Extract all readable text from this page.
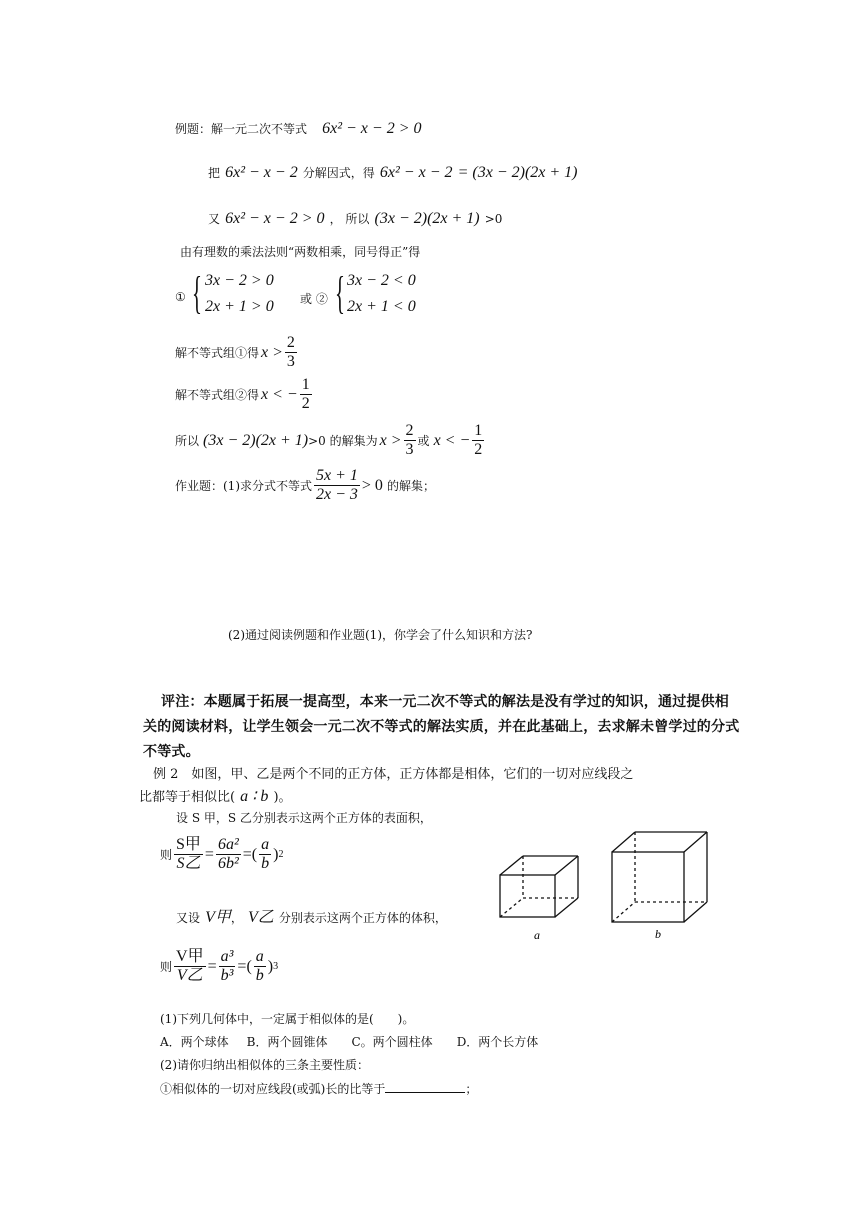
例题：解一元二次不等式 6x² − x − 2 > 0
把 6x² − x − 2 分解因式，得 6x² − x − 2 = (3x − 2)(2x + 1)
又 6x² − x − 2 > 0 ， 所以 (3x − 2)(2x + 1) >0
由有理数的乘法法则“两数相乘，同号得正”得
① { 3x − 2 > 0
2x + 1 > 0 或 ② { 3x − 2 < 0
2x + 1 < 0
解不等式组①得 $x > \frac{2}{3}$
解不等式组②得 x < − $\frac{1}{2}$
所以 (3x − 2)(2x + 1) >0 的解集为 $x > \frac{2}{3}$ 或 x < − $\frac{1}{2}$
作业题：(1)求分式不等式 $\frac{5x + 1}{2x - 3} > 0$ 的解集；
(2)通过阅读例题和作业题(1)，你学会了什么知识和方法?
评注：本题属于拓展一提高型，本来一元二次不等式的解法是没有学过的知识，通过提供相关的阅读材料，让学生领会一元二次不等式的解法实质，并在此基础上，去求解未曾学过的分式不等式。
例 2　如图，甲、乙是两个不同的正方体，正方体都是相体，它们的一切对应线段之
比都等于相似比( a ∶ b )。
设 S 甲，S 乙分别表示这两个正方体的表面积，
则 $\frac{\text{S甲}}{\text{S乙}} = \frac{\text{6a²}}{\text{6b²}}$ = ( $\frac{a}{b}$ ) 2
又设 V甲， V乙 分别表示这两个正方体的体积，
则 $\frac{\text{V甲}}{\text{V乙}} = \frac{\text{a³}}{\text{b³}}$ = ( $\frac{a}{b}$ ) 3
a	b
(1)下列几何体中，一定属于相似体的是(　　)。
A．两个球体 B．两个圆锥体 C。两个圆柱体 D．两个长方体
(2)请你归纳出相似体的三条主要性质：
①相似体的一切对应线段(或弧)长的比等于	；
